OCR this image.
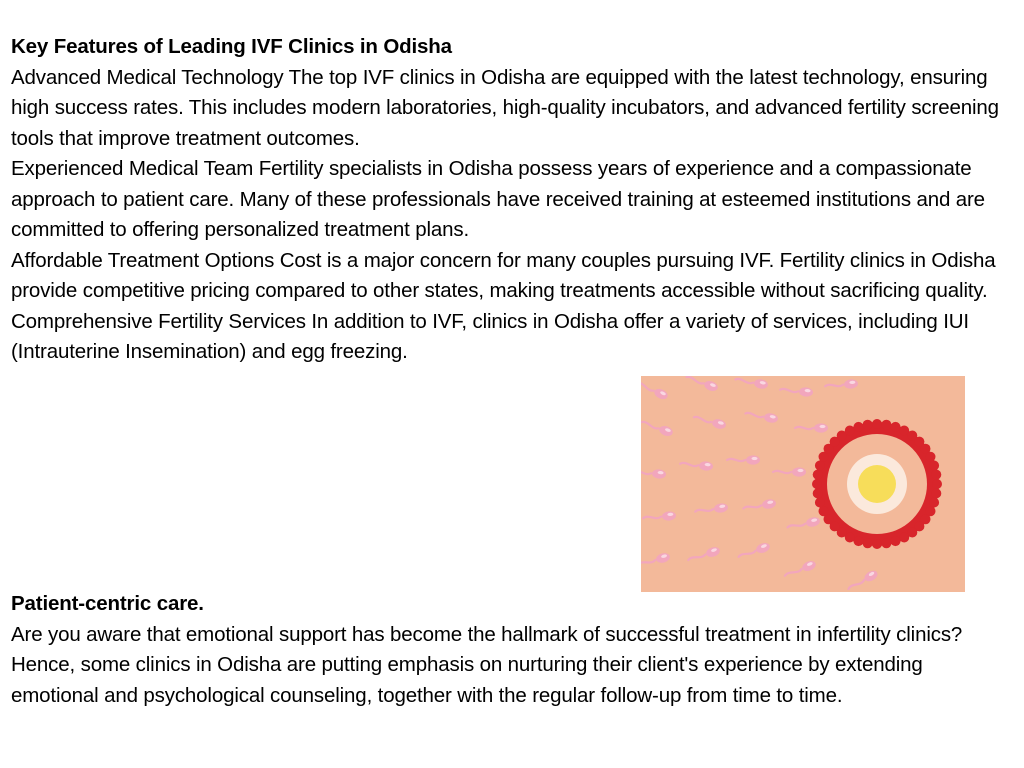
Key Features of Leading IVF Clinics in Odisha
Advanced Medical Technology The top IVF clinics in Odisha are equipped with the latest technology, ensuring high success rates. This includes modern laboratories, high-quality incubators, and advanced fertility screening tools that improve treatment outcomes.
Experienced Medical Team Fertility specialists in Odisha possess years of experience and a compassionate approach to patient care. Many of these professionals have received training at esteemed institutions and are committed to offering personalized treatment plans.
Affordable Treatment Options Cost is a major concern for many couples pursuing IVF. Fertility clinics in Odisha provide competitive pricing compared to other states, making treatments accessible without sacrificing quality.
Comprehensive Fertility Services In addition to IVF, clinics in Odisha offer a variety of services, including IUI (Intrauterine Insemination) and egg freezing.
Patient-centric care.
Are you aware that emotional support has become the hallmark of successful treatment in infertility clinics? Hence, some clinics in Odisha are putting emphasis on nurturing their client's experience by extending emotional and psychological counseling, together with the regular follow-up from time to time.
